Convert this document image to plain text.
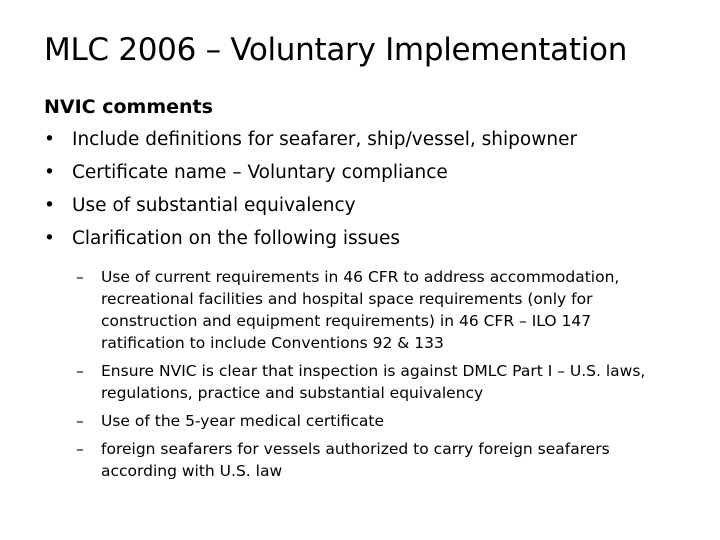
MLC 2006 – Voluntary Implementation
NVIC comments
• Include definitions for seafarer, ship/vessel, shipowner
• Certificate name – Voluntary compliance
• Use of substantial equivalency
• Clarification on the following issues
– Use of current requirements in 46 CFR to address accommodation, recreational facilities and hospital space requirements (only for construction and equipment requirements) in 46 CFR – ILO 147 ratification to include Conventions 92 & 133
– Ensure NVIC is clear that inspection is against DMLC Part I – U.S. laws, regulations, practice and substantial equivalency
– Use of the 5-year medical certificate
– foreign seafarers for vessels authorized to carry foreign seafarers according with U.S. law
